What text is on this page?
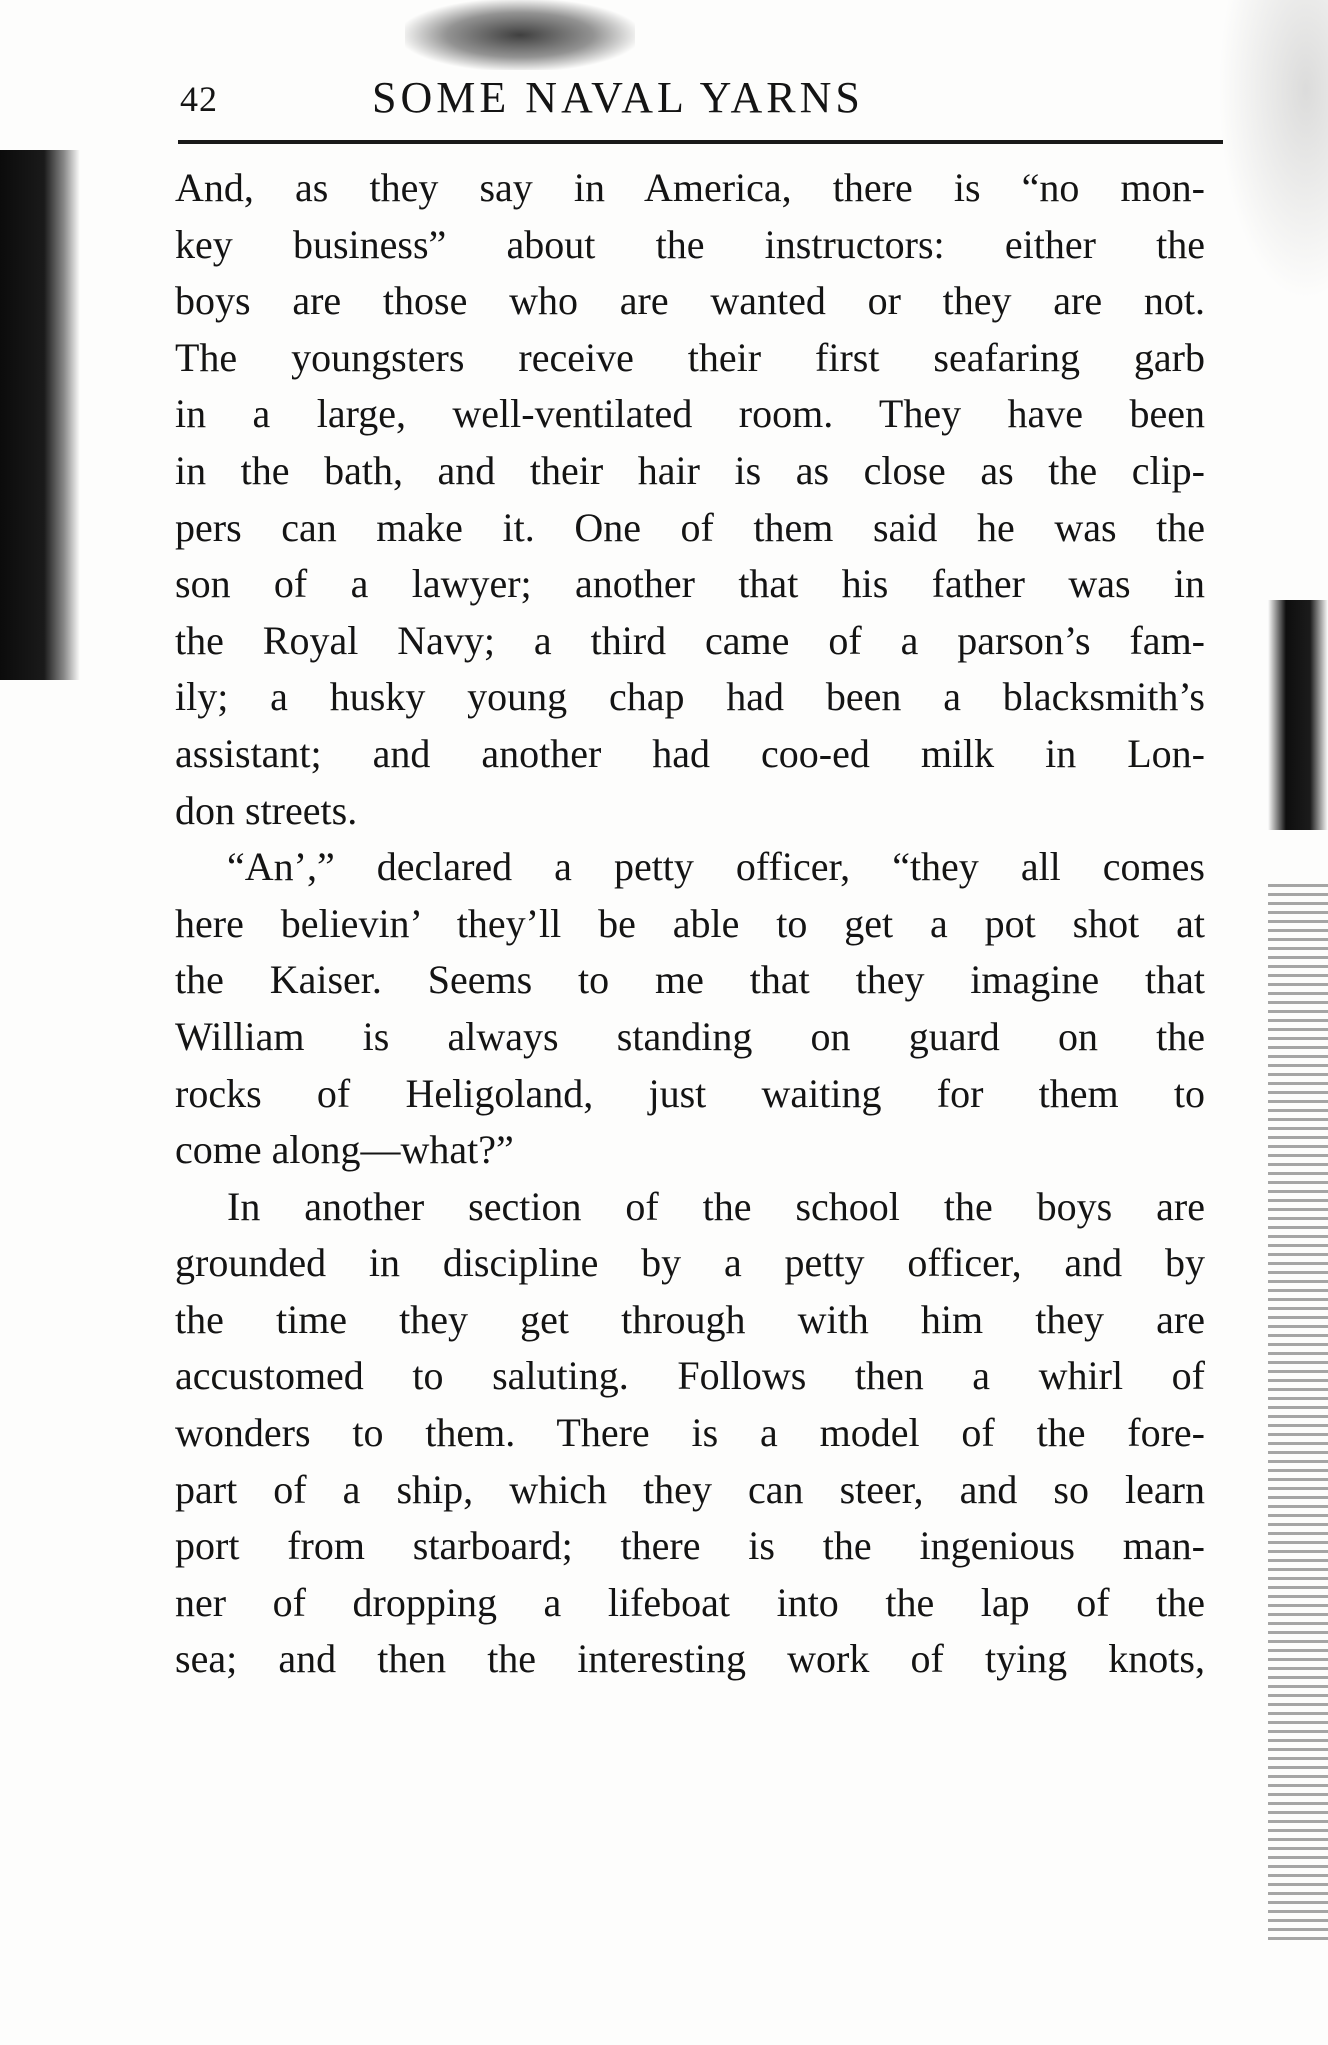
42	SOME NAVAL YARNS

And, as they say in America, there is “no mon-
key business” about the instructors: either the
boys are those who are wanted or they are not.
The youngsters receive their first seafaring garb
in a large, well-ventilated room. They have been
in the bath, and their hair is as close as the clip-
pers can make it. One of them said he was the
son of a lawyer; another that his father was in
the Royal Navy; a third came of a parson’s fam-
ily; a husky young chap had been a blacksmith’s
assistant; and another had coo-ed milk in Lon-
don streets.

“An’,” declared a petty officer, “they all comes
here believin’ they’ll be able to get a pot shot at
the Kaiser. Seems to me that they imagine that
William is always standing on guard on the
rocks of Heligoland, just waiting for them to
come along—what?”

In another section of the school the boys are
grounded in discipline by a petty officer, and by
the time they get through with him they are
accustomed to saluting. Follows then a whirl of
wonders to them. There is a model of the fore-
part of a ship, which they can steer, and so learn
port from starboard; there is the ingenious man-
ner of dropping a lifeboat into the lap of the
sea; and then the interesting work of tying knots,
